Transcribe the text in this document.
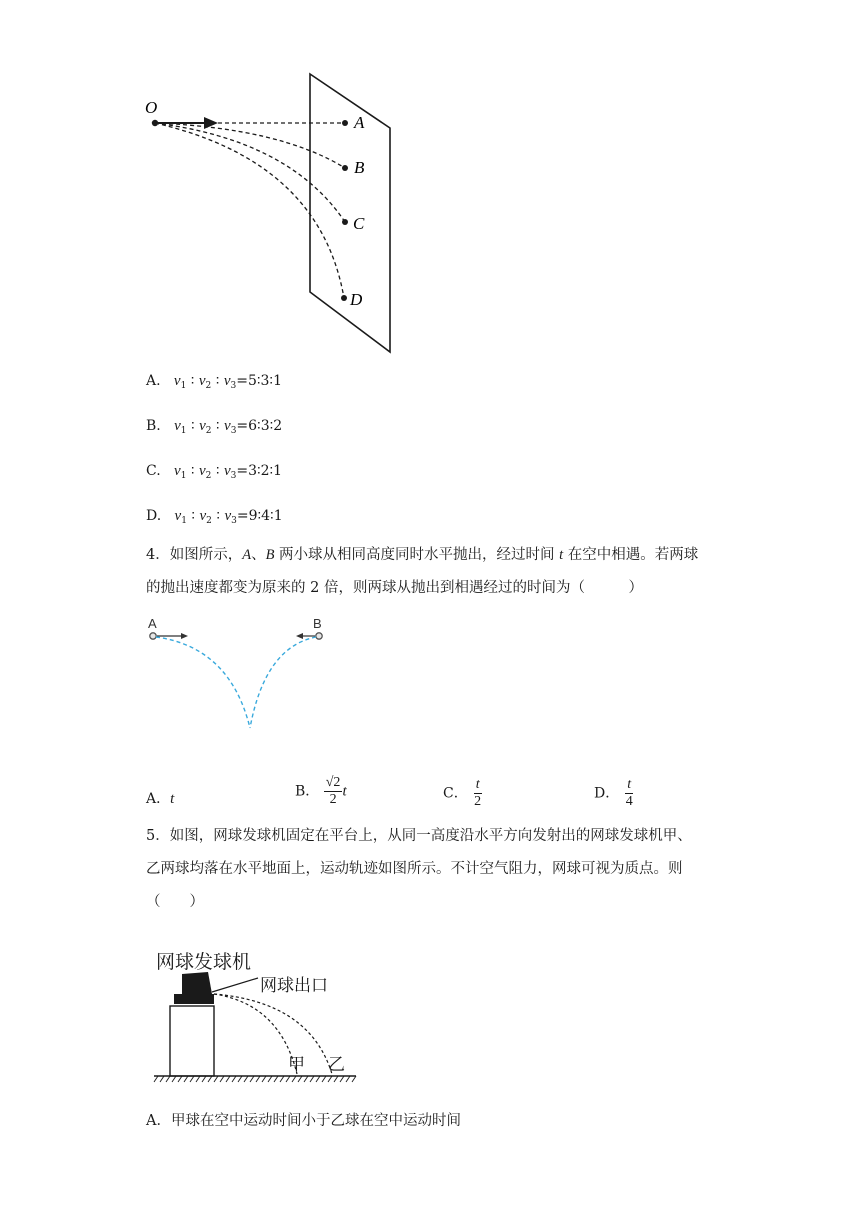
O
A
B
C
D
A. $v_1$ ∶ $v_2$ ∶ $v_3=5∶3∶1$
B. $v_1$ ∶ $v_2$ ∶ $v_3=6∶3∶2$
C. $v_1$ ∶ $v_2$ ∶ $v_3=3∶2∶1$
D. $v_1$ ∶ $v_2$ ∶ $v_3=9∶4∶1$
4．如图所示，A、B 两小球从相同高度同时水平抛出，经过时间 t 在空中相遇。若两球
的抛出速度都变为原来的 2 倍，则两球从抛出到相遇经过的时间为（　　　）
A	B
A．t	B． $\frac{√2}{2}$ t	C． $\frac{t}{2}$	D． $\frac{t}{4}$
5．如图，网球发球机固定在平台上，从同一高度沿水平方向发射出的网球发球机甲、
乙两球均落在水平地面上，运动轨迹如图所示。不计空气阻力，网球可视为质点。则
（　　）
网球发球机
网球出口
甲 乙
A．甲球在空中运动时间小于乙球在空中运动时间
